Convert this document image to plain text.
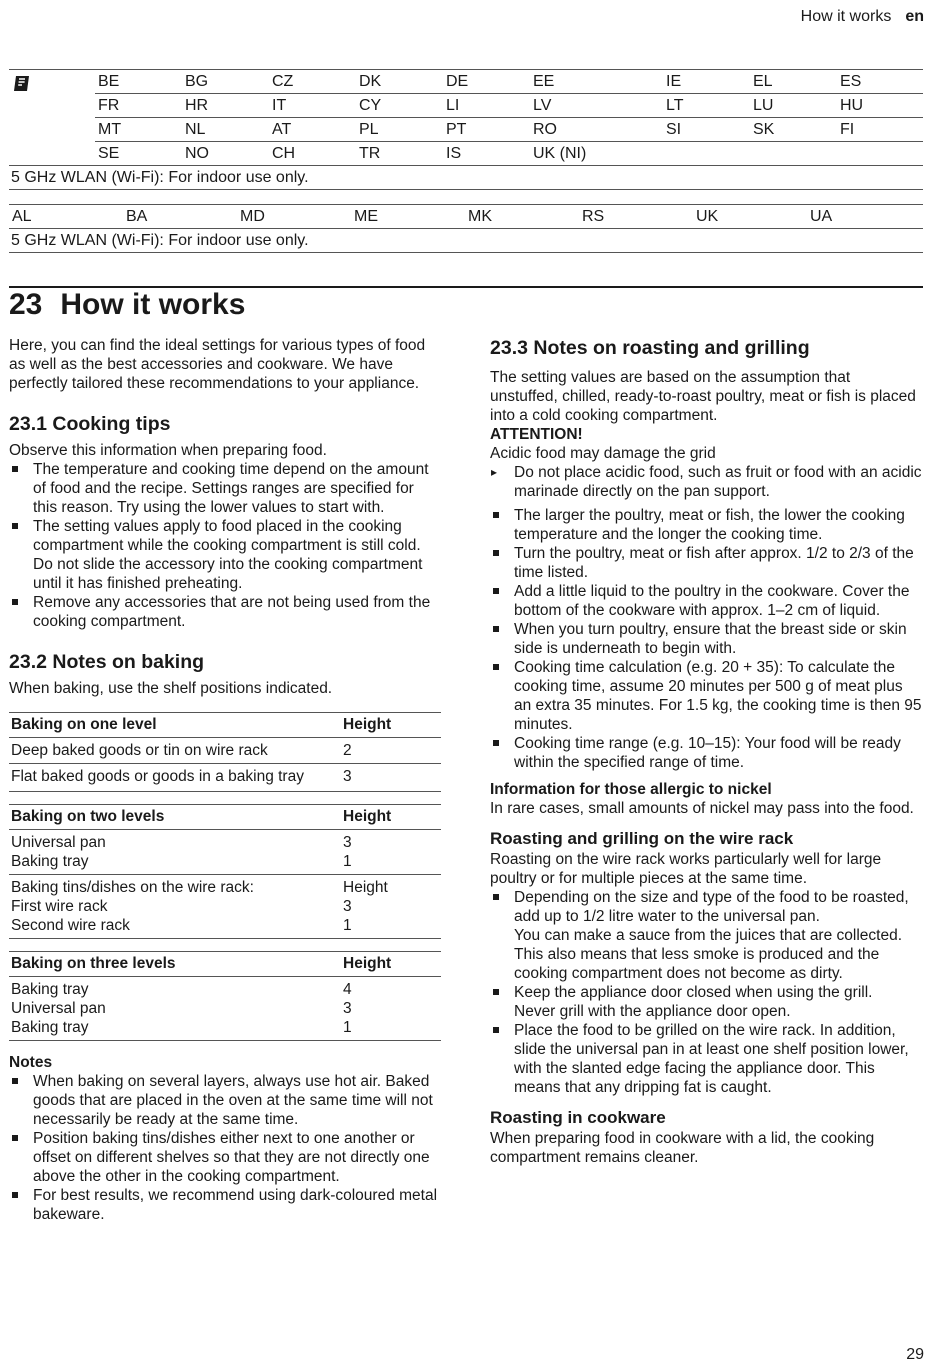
How it works en
	BE	BG	CZ	DK	DE	EE	IE	EL	ES
	FR	HR	IT	CY	LI	LV	LT	LU	HU
	MT	NL	AT	PL	PT	RO	SI	SK	FI
	SE	NO	CH	TR	IS	UK (NI)			
5 GHz WLAN (Wi-Fi): For indoor use only.									
AL	BA	MD	ME	MK	RS	UK	UA
5 GHz WLAN (Wi-Fi): For indoor use only.
23 How it works

Here, you can find the ideal settings for various types of food as well as the best accessories and cookware. We have perfectly tailored these recommendations to your appliance.

23.1 Cooking tips

Observe this information when preparing food.

The temperature and cooking time depend on the amount of food and the recipe. Settings ranges are specified for this reason. Try using the lower values to start with.
The setting values apply to food placed in the cooking compartment while the cooking compartment is still cold. Do not slide the accessory into the cooking compartment until it has finished preheating.
Remove any accessories that are not being used from the cooking compartment.
23.2 Notes on baking

When baking, use the shelf positions indicated.

Baking on one level	Height
Deep baked goods or tin on wire rack	2
Flat baked goods or goods in a baking tray	3
Baking on two levels	Height
Universal pan	3
Baking tray	1
Baking tins/dishes on the wire rack:	Height
First wire rack	3
Second wire rack	1
Baking on three levels	Height
Baking tray	4
Universal pan	3
Baking tray	1

Notes

When baking on several layers, always use hot air. Baked goods that are placed in the oven at the same time will not necessarily be ready at the same time.
Position baking tins/dishes either next to one another or offset on different shelves so that they are not directly one above the other in the cooking compartment.
For best results, we recommend using dark-coloured metal bakeware.
23.3 Notes on roasting and grilling

The setting values are based on the assumption that unstuffed, chilled, ready-to-roast poultry, meat or fish is placed into a cold cooking compartment.

ATTENTION!

Acidic food may damage the grid

▸ Do not place acidic food, such as fruit or food with an acidic marinade directly on the pan support.
The larger the poultry, meat or fish, the lower the cooking temperature and the longer the cooking time.
Turn the poultry, meat or fish after approx. 1/2 to 2/3 of the time listed.
Add a little liquid to the poultry in the cookware. Cover the bottom of the cookware with approx. 1–2 cm of liquid.
When you turn poultry, ensure that the breast side or skin side is underneath to begin with.
Cooking time calculation (e.g. 20 + 35): To calculate the cooking time, assume 20 minutes per 500 g of meat plus an extra 35 minutes. For 1.5 kg, the cooking time is then 95 minutes.
Cooking time range (e.g. 10–15): Your food will be ready within the specified range of time.

Information for those allergic to nickel

In rare cases, small amounts of nickel may pass into the food.

Roasting and grilling on the wire rack

Roasting on the wire rack works particularly well for large poultry or for multiple pieces at the same time.

Depending on the size and type of the food to be roasted, add up to 1/2 litre water to the universal pan.
You can make a sauce from the juices that are collected. This also means that less smoke is produced and the cooking compartment does not become as dirty.
Keep the appliance door closed when using the grill.
Never grill with the appliance door open.
Place the food to be grilled on the wire rack. In addition, slide the universal pan in at least one shelf position lower, with the slanted edge facing the appliance door. This means that any dripping fat is caught.
Roasting in cookware

When preparing food in cookware with a lid, the cooking compartment remains cleaner.

29
